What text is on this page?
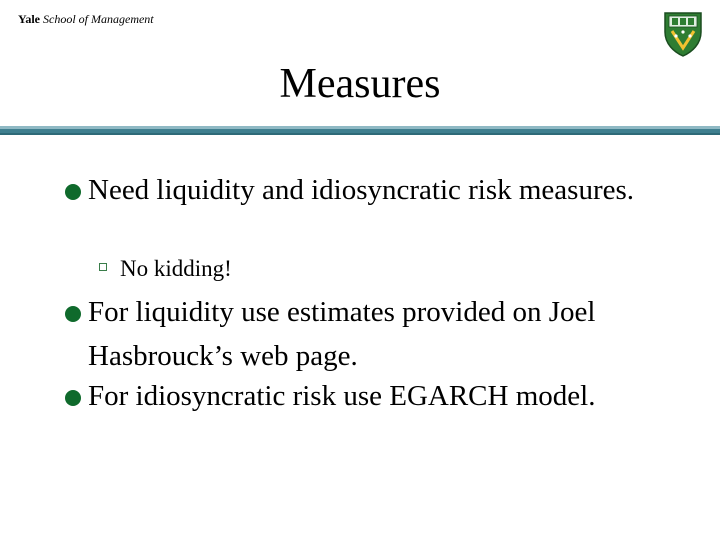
Yale School of Management
Measures
Need liquidity and idiosyncratic risk measures.
No kidding!
For liquidity use estimates provided on Joel Hasbrouck’s web page.
For idiosyncratic risk use EGARCH model.
